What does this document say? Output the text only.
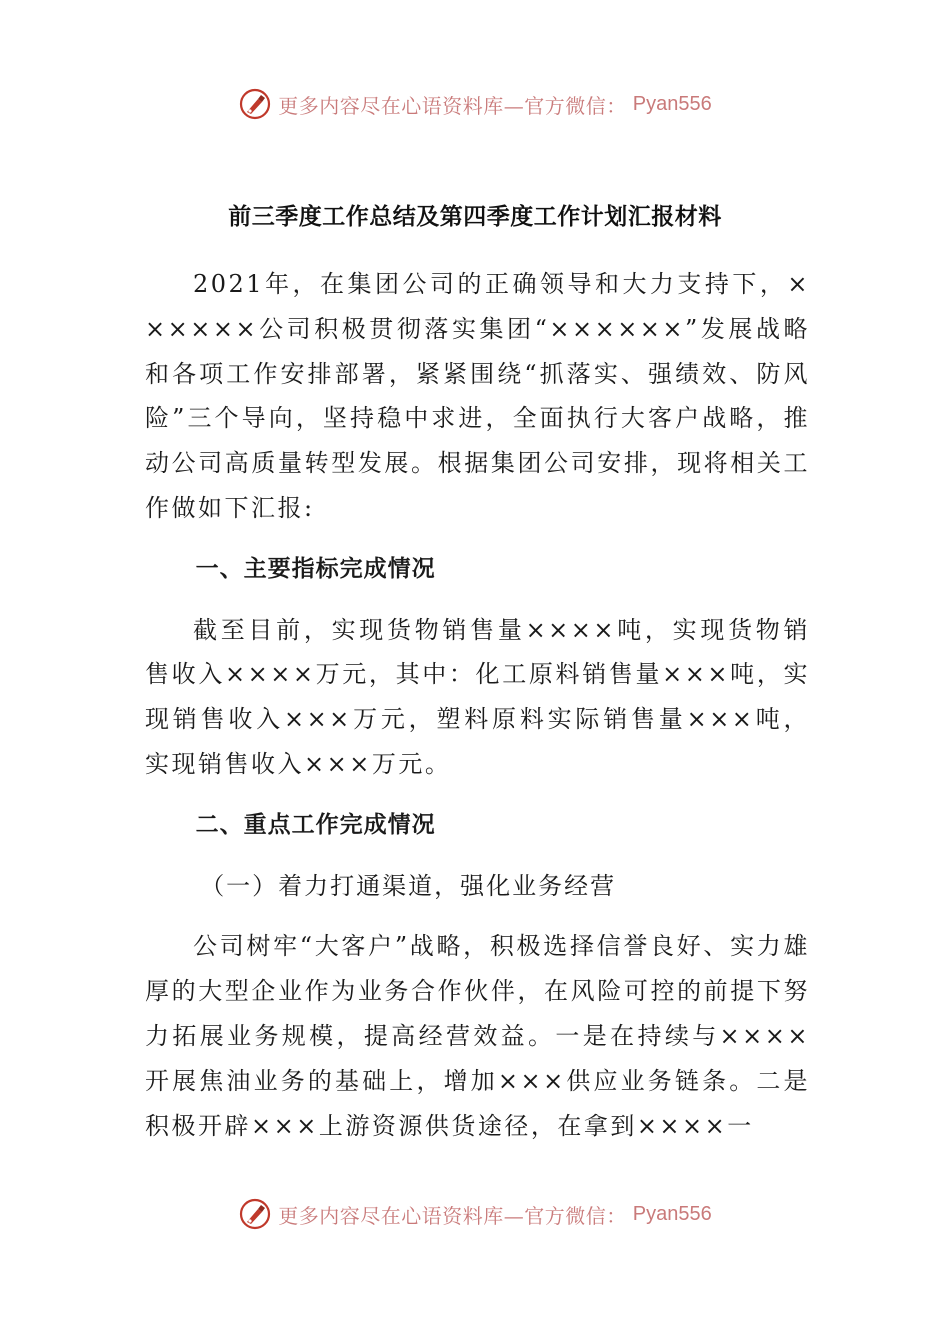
更多内容尽在心语资料库—官方微信： Pyan556
前三季度工作总结及第四季度工作计划汇报材料

2021年，在集团公司的正确领导和大力支持下，××××××公司积极贯彻落实集团“××××××”发展战略和各项工作安排部署，紧紧围绕“抓落实、强绩效、防风险”三个导向，坚持稳中求进，全面执行大客户战略，推动公司高质量转型发展。根据集团公司安排，现将相关工作做如下汇报:

一、主要指标完成情况

截至目前，实现货物销售量××××吨，实现货物销售收入××××万元，其中：化工原料销售量×××吨，实现销售收入×××万元，塑料原料实际销售量×××吨，实现销售收入×××万元。

二、重点工作完成情况

（一）着力打通渠道，强化业务经营

公司树牢“大客户”战略，积极选择信誉良好、实力雄厚的大型企业作为业务合作伙伴，在风险可控的前提下努力拓展业务规模，提高经营效益。一是在持续与××××开展焦油业务的基础上，增加×××供应业务链条。二是积极开辟×××上游资源供货途径，在拿到××××一

更多内容尽在心语资料库—官方微信： Pyan556
